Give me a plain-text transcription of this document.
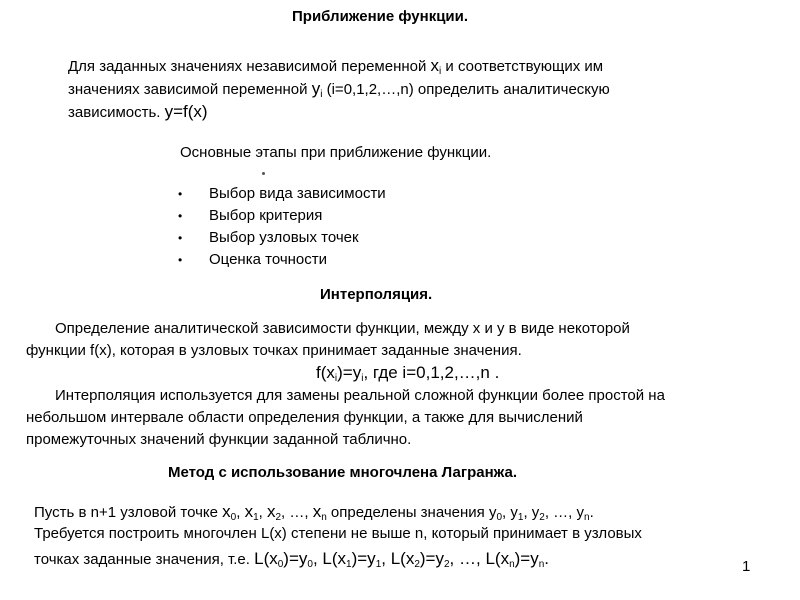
Приближение функции.
Для заданных значениях независимой переменной $x_i$ и соответствующих им
значениях зависимой переменной $y_i$ (i=0,1,2,…,n) определить аналитическую
зависимость. y=f(x)
Основные этапы при приближение функции.
• Выбор вида зависимости
• Выбор критерия
• Выбор узловых точек
• Оценка точности
Интерполяция.
Определение аналитической зависимости функции, между x и y в виде некоторой
функции f(x), которая в узловых точках принимает заданные значения.
$f(x_i)=y_i$, где i=0,1,2,…,n .
Интерполяция используется для замены реальной сложной функции более простой на
небольшом интервале области определения функции, а также для вычислений
промежуточных значений функции заданной таблично.
Метод с использование многочлена Лагранжа.
Пусть в n+1 узловой точке $x_0$, $x_1$, $x_2$, …, $x_n$ определены значения $y_0$, $y_1$, $y_2$, …, $y_n$.
Требуется построить многочлен L(x) степени не выше n, который принимает в узловых
точках заданные значения, т.е. $L(x_0)=y_0$, $L(x_1)=y_1$, $L(x_2)=y_2$, …, $L(x_n)=y_n$.	1
